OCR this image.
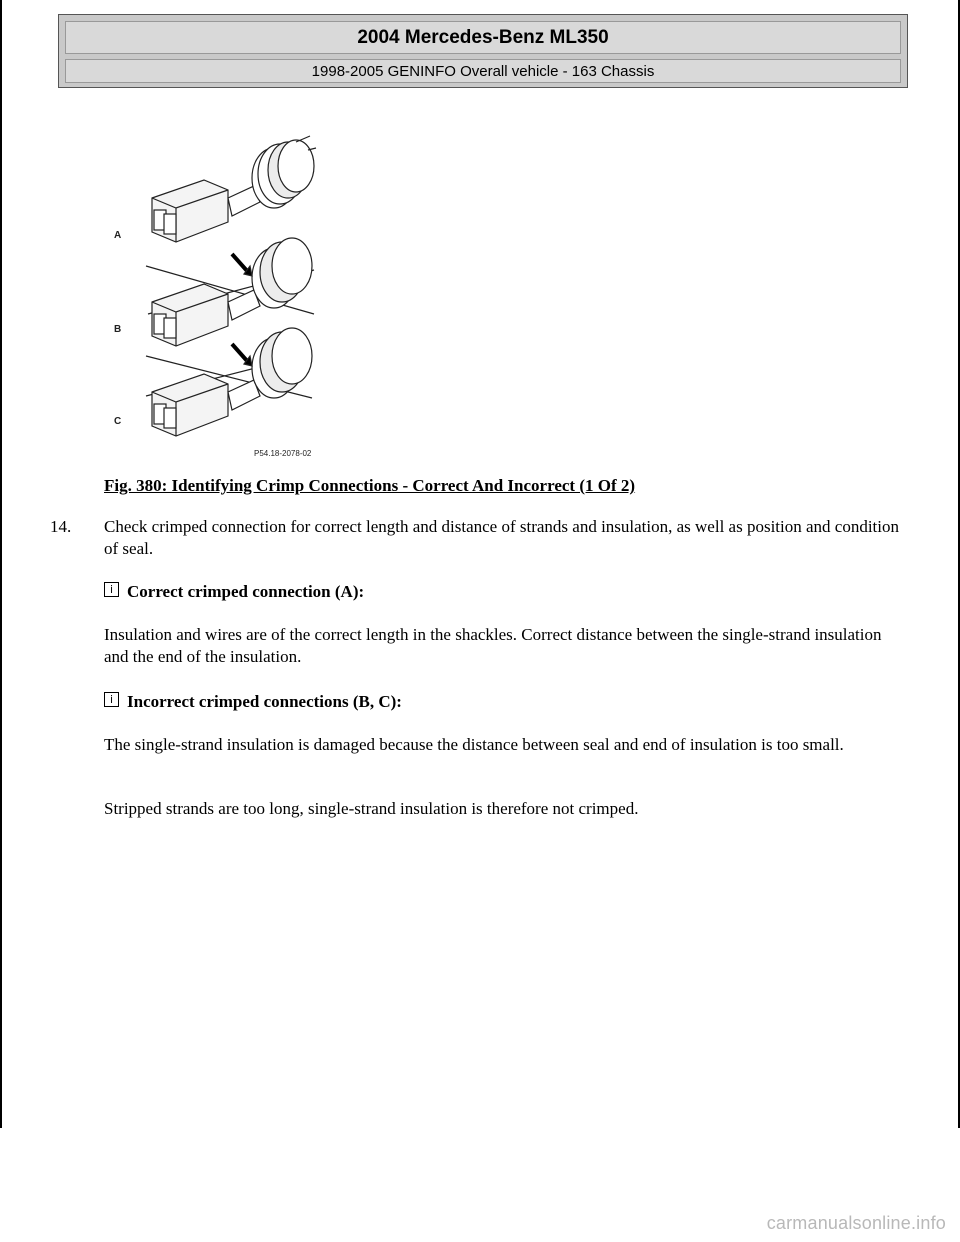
2004 Mercedes-Benz ML350
1998-2005 GENINFO Overall vehicle - 163 Chassis
A
B
C
P54.18-2078-02
Fig. 380: Identifying Crimp Connections - Correct And Incorrect (1 Of 2)
14. Check crimped connection for correct length and distance of strands and insulation, as well as position and condition of seal.
i Correct crimped connection (A):
Insulation and wires are of the correct length in the shackles. Correct distance between the single-strand insulation and the end of the insulation.
i Incorrect crimped connections (B, C):
The single-strand insulation is damaged because the distance between seal and end of insulation is too small.
Stripped strands are too long, single-strand insulation is therefore not crimped.
carmanualsonline.info
